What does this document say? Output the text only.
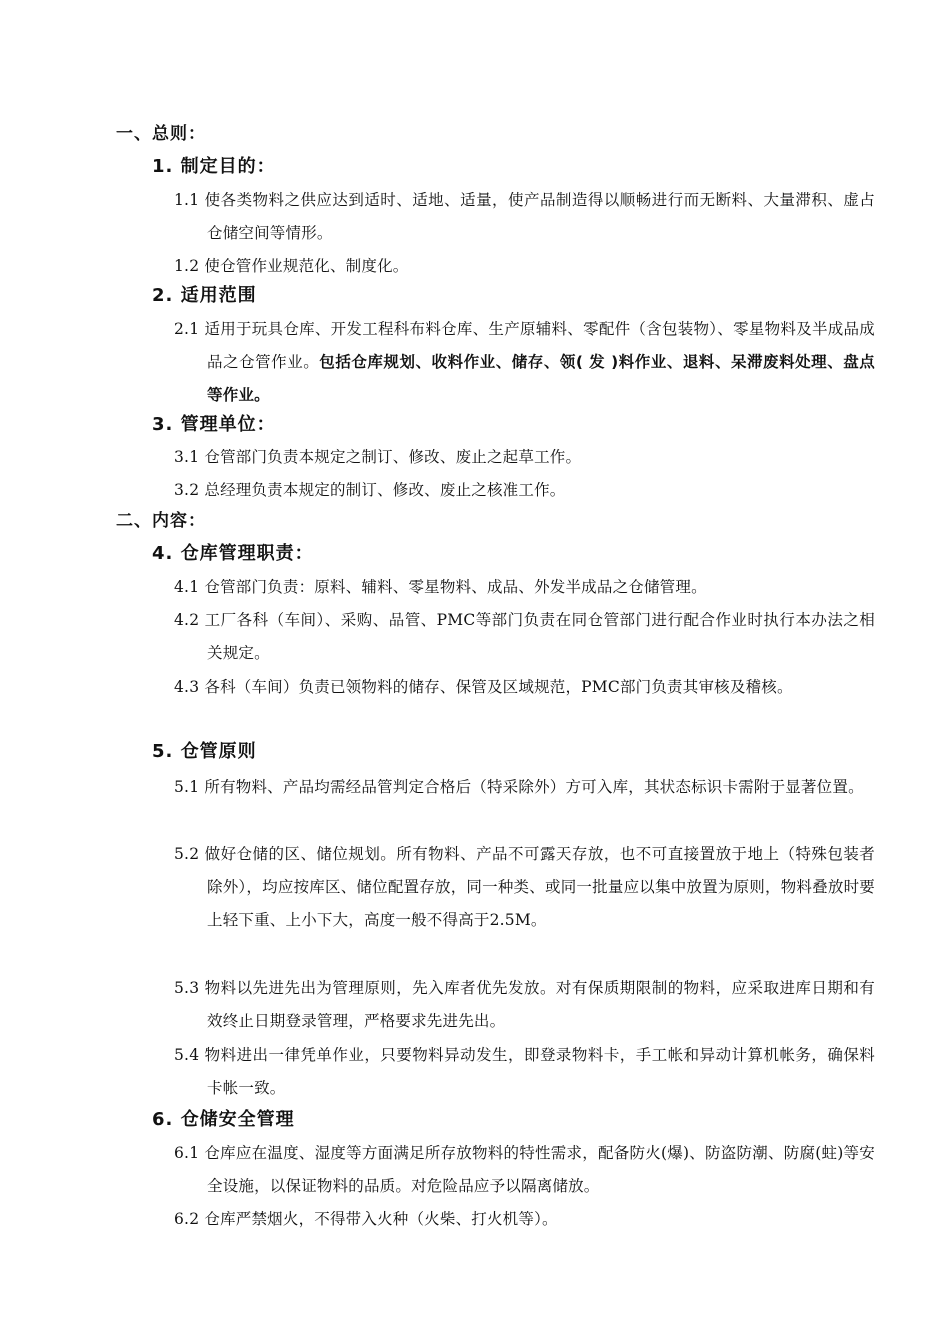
一、总则：
1. 制定目的：
1.1 使各类物料之供应达到适时、适地、适量，使产品制造得以顺畅进行而无断料、大量滞积、虚占仓储空间等情形。
1.2 使仓管作业规范化、制度化。
2. 适用范围
2.1 适用于玩具仓库、开发工程科布料仓库、生产原辅料、零配件（含包装物）、零星物料及半成品成品之仓管作业。包括仓库规划、收料作业、储存、领( 发 )料作业、退料、呆滞废料处理、盘点等作业。
3. 管理单位：
3.1 仓管部门负责本规定之制订、修改、废止之起草工作。
3.2 总经理负责本规定的制订、修改、废止之核准工作。
二、内容：
4. 仓库管理职责：
4.1 仓管部门负责：原料、辅料、零星物料、成品、外发半成品之仓储管理。
4.2 工厂各科（车间）、采购、品管、PMC等部门负责在同仓管部门进行配合作业时执行本办法之相关规定。
4.3 各科（车间）负责已领物料的储存、保管及区域规范，PMC部门负责其审核及稽核。
5. 仓管原则
5.1 所有物料、产品均需经品管判定合格后（特采除外）方可入库，其状态标识卡需附于显著位置。
5.2 做好仓储的区、储位规划。所有物料、产品不可露天存放，也不可直接置放于地上（特殊包装者除外），均应按库区、储位配置存放，同一种类、或同一批量应以集中放置为原则，物料叠放时要上轻下重、上小下大，高度一般不得高于2.5M。
5.3 物料以先进先出为管理原则，先入库者优先发放。对有保质期限制的物料，应采取进库日期和有效终止日期登录管理，严格要求先进先出。
5.4 物料进出一律凭单作业，只要物料异动发生，即登录物料卡，手工帐和异动计算机帐务，确保料卡帐一致。
6. 仓储安全管理
6.1 仓库应在温度、湿度等方面满足所存放物料的特性需求，配备防火(爆)、防盗防潮、防腐(蛀)等安全设施，以保证物料的品质。对危险品应予以隔离储放。
6.2 仓库严禁烟火，不得带入火种（火柴、打火机等）。
